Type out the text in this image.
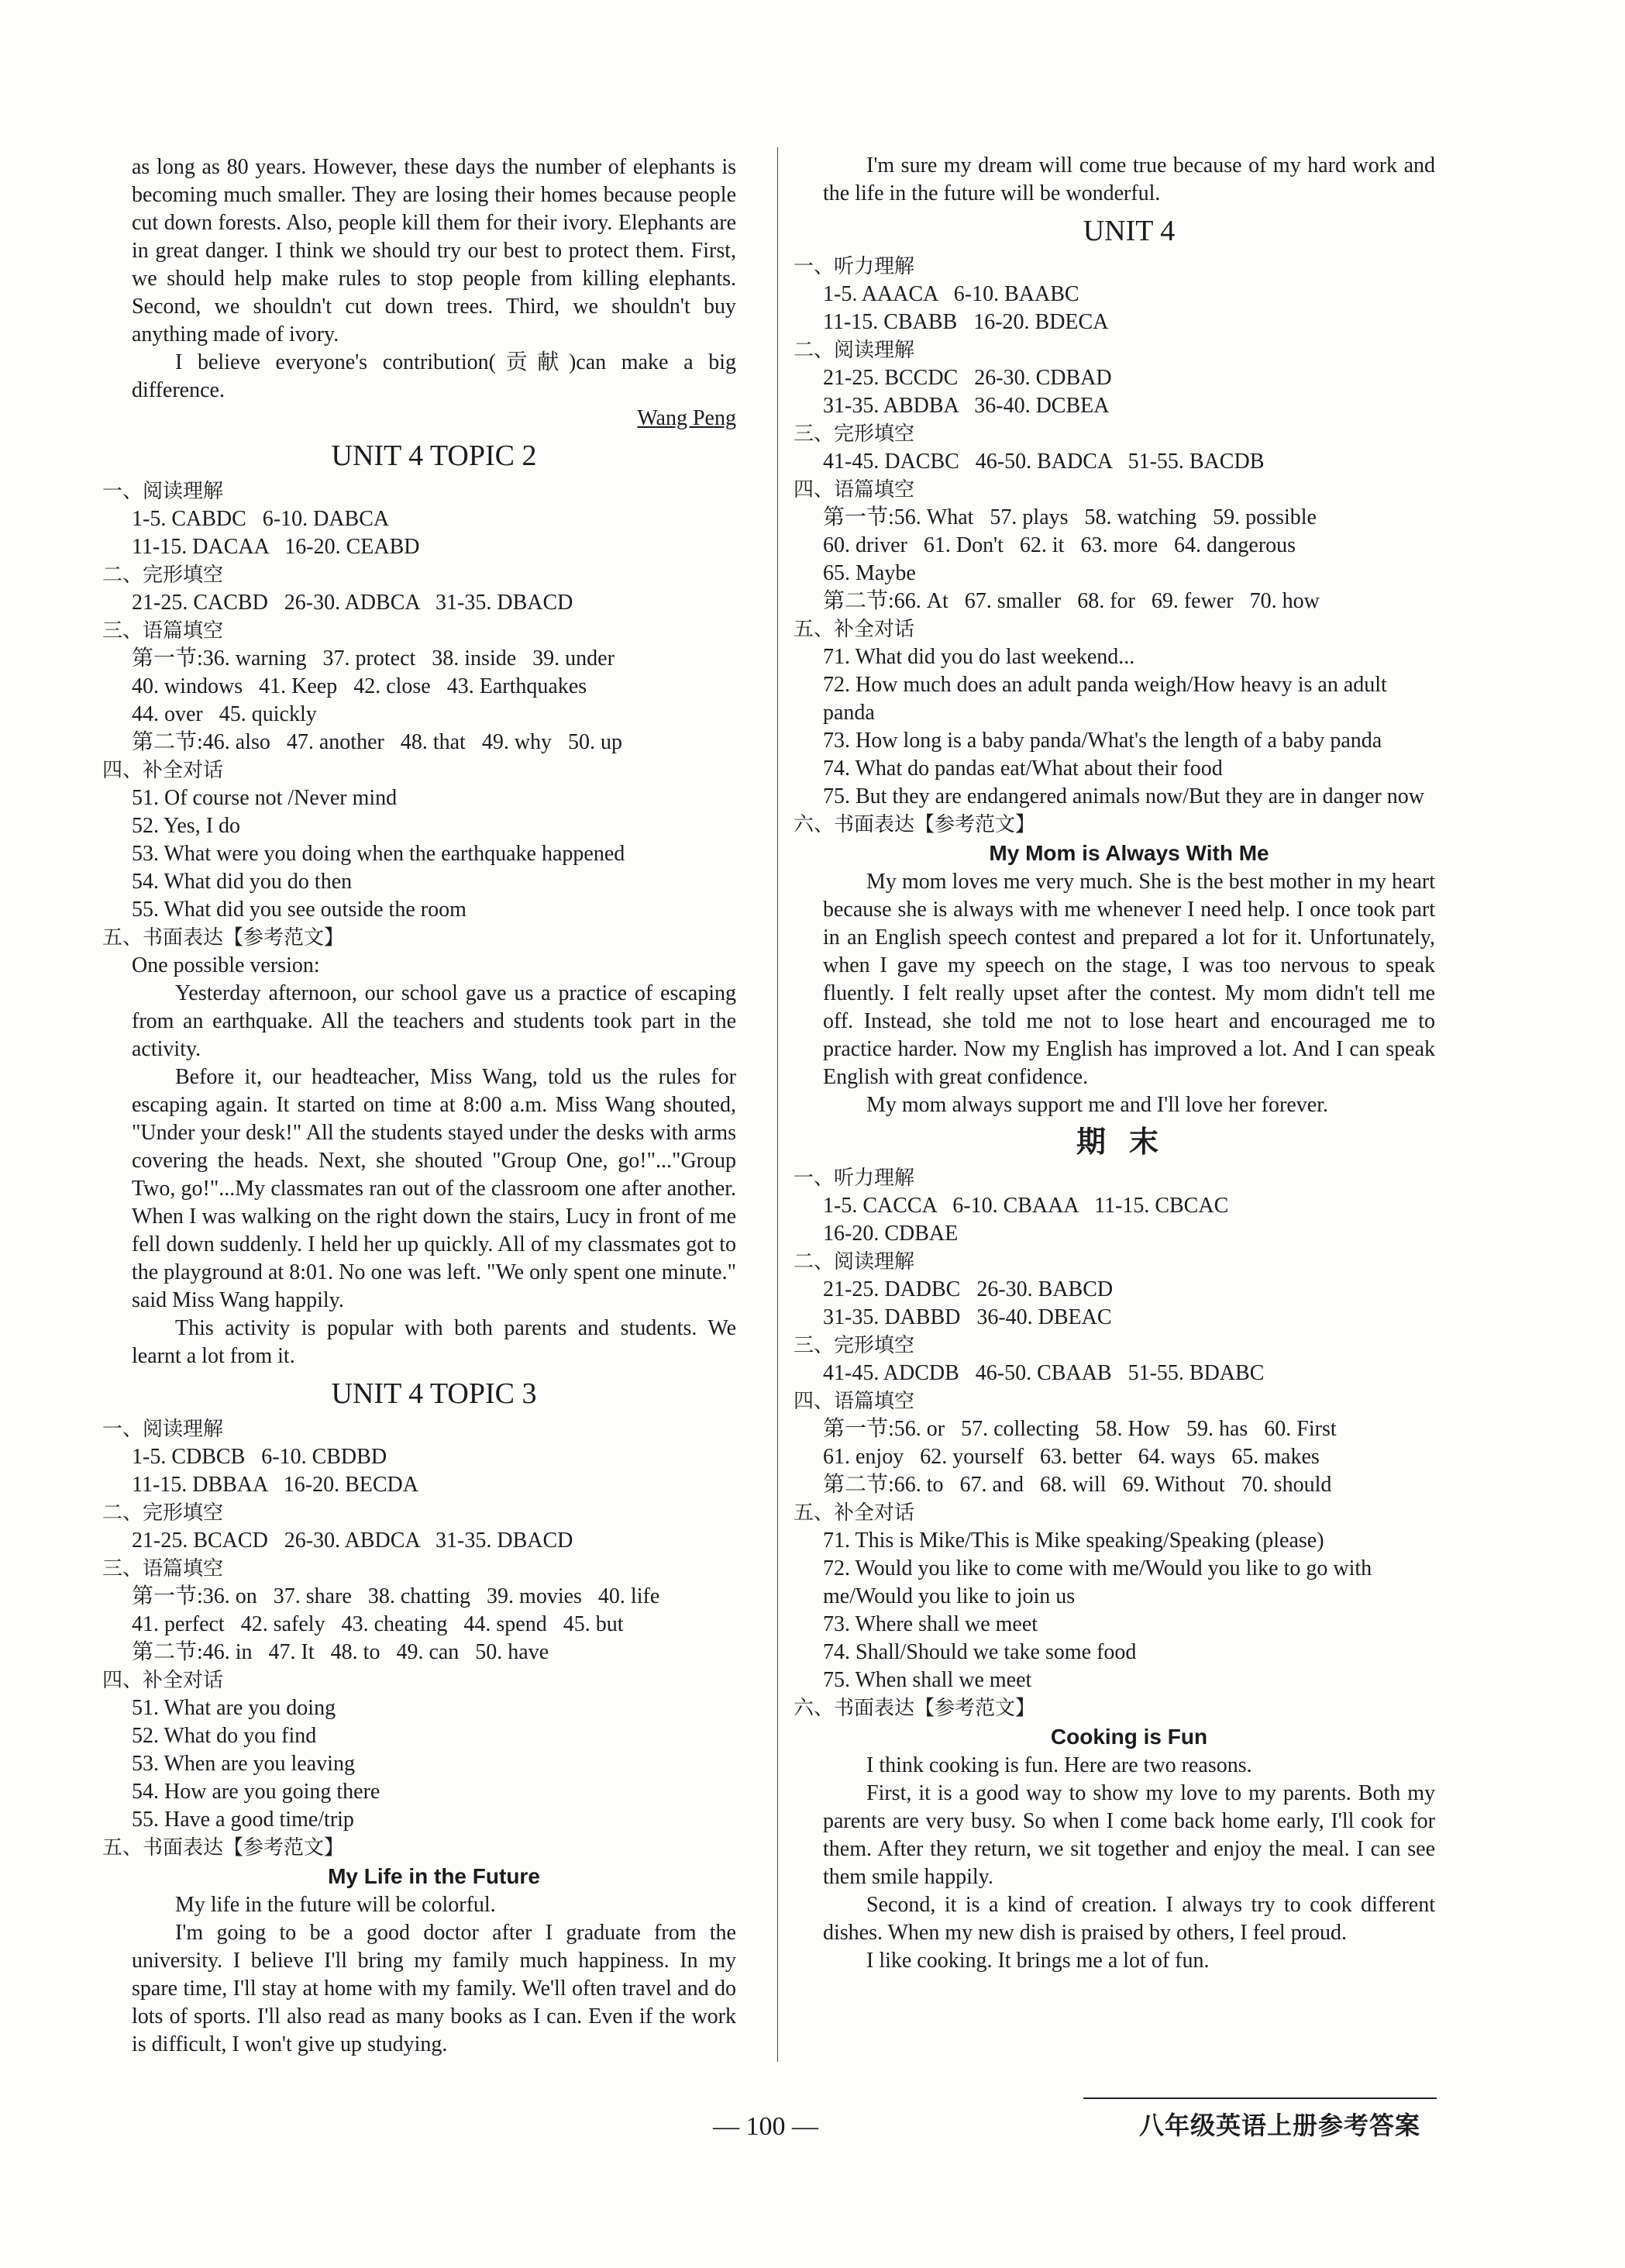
as long as 80 years. However, these days the number of elephants is becoming much smaller. They are losing their homes because people cut down forests. Also, people kill them for their ivory. Elephants are in great danger. I think we should try our best to protect them. First, we should help make rules to stop people from killing elephants. Second, we shouldn't cut down trees. Third, we shouldn't buy anything made of ivory.

I believe everyone's contribution(贡献)can make a big difference.

Wang Peng

UNIT 4 TOPIC 2
一、阅读理解
1-5. CABDC   6-10. DABCA
11-15. DACAA   16-20. CEABD
二、完形填空
21-25. CACBD   26-30. ADBCA   31-35. DBACD
三、语篇填空
第一节:36. warning   37. protect   38. inside   39. under
40. windows   41. Keep   42. close   43. Earthquakes
44. over   45. quickly
第二节:46. also   47. another   48. that   49. why   50. up
四、补全对话
51. Of course not /Never mind
52. Yes, I do
53. What were you doing when the earthquake happened
54. What did you do then
55. What did you see outside the room
五、书面表达【参考范文】
One possible version:

Yesterday afternoon, our school gave us a practice of escaping from an earthquake. All the teachers and students took part in the activity.

Before it, our headteacher, Miss Wang, told us the rules for escaping again. It started on time at 8:00 a.m. Miss Wang shouted, "Under your desk!" All the students stayed under the desks with arms covering the heads. Next, she shouted "Group One, go!"..."Group Two, go!"...My classmates ran out of the classroom one after another. When I was walking on the right down the stairs, Lucy in front of me fell down suddenly. I held her up quickly. All of my classmates got to the playground at 8:01. No one was left. "We only spent one minute." said Miss Wang happily.

This activity is popular with both parents and students. We learnt a lot from it.

UNIT 4 TOPIC 3
一、阅读理解
1-5. CDBCB   6-10. CBDBD
11-15. DBBAA   16-20. BECDA
二、完形填空
21-25. BCACD   26-30. ABDCA   31-35. DBACD
三、语篇填空
第一节:36. on   37. share   38. chatting   39. movies   40. life
41. perfect   42. safely   43. cheating   44. spend   45. but
第二节:46. in   47. It   48. to   49. can   50. have
四、补全对话
51. What are you doing
52. What do you find
53. When are you leaving
54. How are you going there
55. Have a good time/trip
五、书面表达【参考范文】
My Life in the Future

My life in the future will be colorful.

I'm going to be a good doctor after I graduate from the university. I believe I'll bring my family much happiness. In my spare time, I'll stay at home with my family. We'll often travel and do lots of sports. I'll also read as many books as I can. Even if the work is difficult, I won't give up studying.

I'm sure my dream will come true because of my hard work and the life in the future will be wonderful.

UNIT 4
一、听力理解
1-5. AAACA   6-10. BAABC
11-15. CBABB   16-20. BDECA
二、阅读理解
21-25. BCCDC   26-30. CDBAD
31-35. ABDBA   36-40. DCBEA
三、完形填空
41-45. DACBC   46-50. BADCA   51-55. BACDB
四、语篇填空
第一节:56. What   57. plays   58. watching   59. possible
60. driver   61. Don't   62. it   63. more   64. dangerous
65. Maybe
第二节:66. At   67. smaller   68. for   69. fewer   70. how
五、补全对话
71. What did you do last weekend...
72. How much does an adult panda weigh/How heavy is an adult panda
73. How long is a baby panda/What's the length of a baby panda
74. What do pandas eat/What about their food
75. But they are endangered animals now/But they are in danger now
六、书面表达【参考范文】
My Mom is Always With Me

My mom loves me very much. She is the best mother in my heart because she is always with me whenever I need help. I once took part in an English speech contest and prepared a lot for it. Unfortunately, when I gave my speech on the stage, I was too nervous to speak fluently. I felt really upset after the contest. My mom didn't tell me off. Instead, she told me not to lose heart and encouraged me to practice harder. Now my English has improved a lot. And I can speak English with great confidence.

My mom always support me and I'll love her forever.

期末
一、听力理解
1-5. CACCA   6-10. CBAAA   11-15. CBCAC
16-20. CDBAE
二、阅读理解
21-25. DADBC   26-30. BABCD
31-35. DABBD   36-40. DBEAC
三、完形填空
41-45. ADCDB   46-50. CBAAB   51-55. BDABC
四、语篇填空
第一节:56. or   57. collecting   58. How   59. has   60. First
61. enjoy   62. yourself   63. better   64. ways   65. makes
第二节:66. to   67. and   68. will   69. Without   70. should
五、补全对话
71. This is Mike/This is Mike speaking/Speaking (please)
72. Would you like to come with me/Would you like to go with me/Would you like to join us
73. Where shall we meet
74. Shall/Should we take some food
75. When shall we meet
六、书面表达【参考范文】
Cooking is Fun

I think cooking is fun. Here are two reasons.

First, it is a good way to show my love to my parents. Both my parents are very busy. So when I come back home early, I'll cook for them. After they return, we sit together and enjoy the meal. I can see them smile happily.

Second, it is a kind of creation. I always try to cook different dishes. When my new dish is praised by others, I feel proud.

I like cooking. It brings me a lot of fun.

— 100 —	八年级英语上册参考答案
